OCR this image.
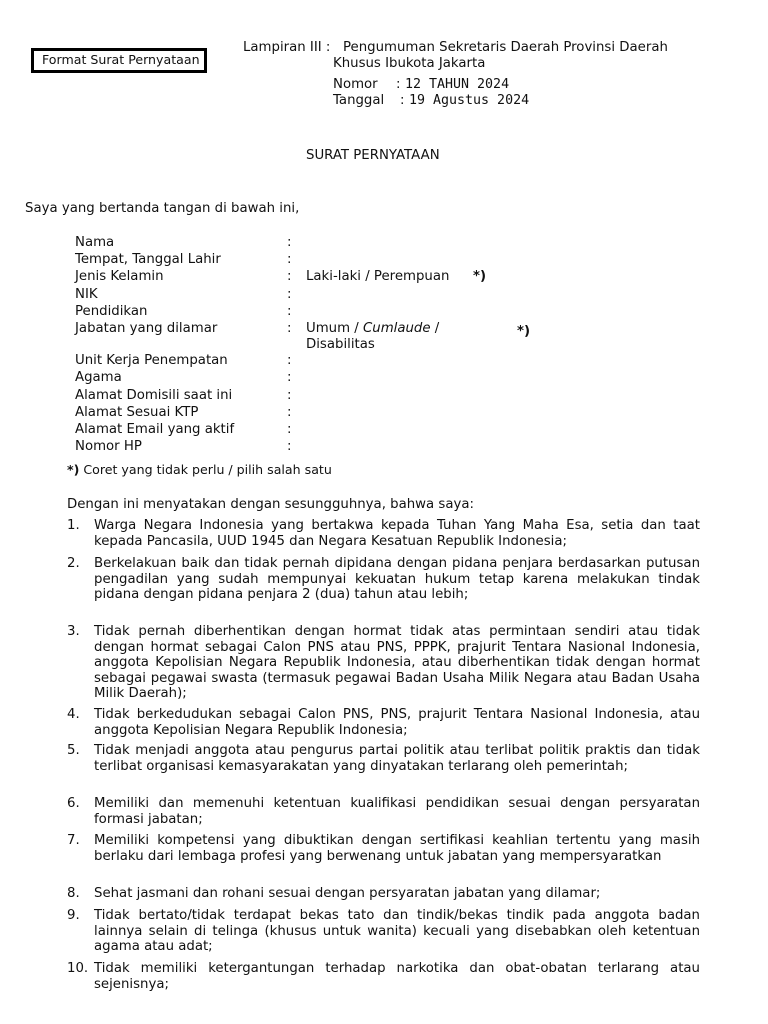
Format Surat Pernyataan
Lampiran III : Pengumuman Sekretaris Daerah Provinsi Daerah
Khusus Ibukota Jakarta
Nomor : 12 TAHUN 2024
Tanggal : 19 Agustus 2024
SURAT PERNYATAAN
Saya yang bertanda tangan di bawah ini,
Nama	:
Tempat, Tanggal Lahir	:
Jenis Kelamin	: Laki-laki / Perempuan *)
NIK	:
Pendidikan	:
Jabatan yang dilamar	: Umum / Cumlaude /
Disabilitas
*)
Unit Kerja Penempatan	:
Agama	:
Alamat Domisili saat ini	:
Alamat Sesuai KTP	:
Alamat Email yang aktif	:
Nomor HP	:
*) Coret yang tidak perlu / pilih salah satu
Dengan ini menyatakan dengan sesungguhnya, bahwa saya:
1. Warga Negara Indonesia yang bertakwa kepada Tuhan Yang Maha Esa, setia dan taat kepada Pancasila, UUD 1945 dan Negara Kesatuan Republik Indonesia;
2. Berkelakuan baik dan tidak pernah dipidana dengan pidana penjara berdasarkan putusan pengadilan yang sudah mempunyai kekuatan hukum tetap karena melakukan tindak pidana dengan pidana penjara 2 (dua) tahun atau lebih;
3. Tidak pernah diberhentikan dengan hormat tidak atas permintaan sendiri atau tidak dengan hormat sebagai Calon PNS atau PNS, PPPK, prajurit Tentara Nasional Indonesia, anggota Kepolisian Negara Republik Indonesia, atau diberhentikan tidak dengan hormat sebagai pegawai swasta (termasuk pegawai Badan Usaha Milik Negara atau Badan Usaha Milik Daerah);
4. Tidak berkedudukan sebagai Calon PNS, PNS, prajurit Tentara Nasional Indonesia, atau anggota Kepolisian Negara Republik Indonesia;
5. Tidak menjadi anggota atau pengurus partai politik atau terlibat politik praktis dan tidak terlibat organisasi kemasyarakatan yang dinyatakan terlarang oleh pemerintah;
6. Memiliki dan memenuhi ketentuan kualifikasi pendidikan sesuai dengan persyaratan formasi jabatan;
7. Memiliki kompetensi yang dibuktikan dengan sertifikasi keahlian tertentu yang masih berlaku dari lembaga profesi yang berwenang untuk jabatan yang mempersyaratkan
8. Sehat jasmani dan rohani sesuai dengan persyaratan jabatan yang dilamar;
9. Tidak bertato/tidak terdapat bekas tato dan tindik/bekas tindik pada anggota badan lainnya selain di telinga (khusus untuk wanita) kecuali yang disebabkan oleh ketentuan agama atau adat;
10. Tidak memiliki ketergantungan terhadap narkotika dan obat-obatan terlarang atau sejenisnya;
